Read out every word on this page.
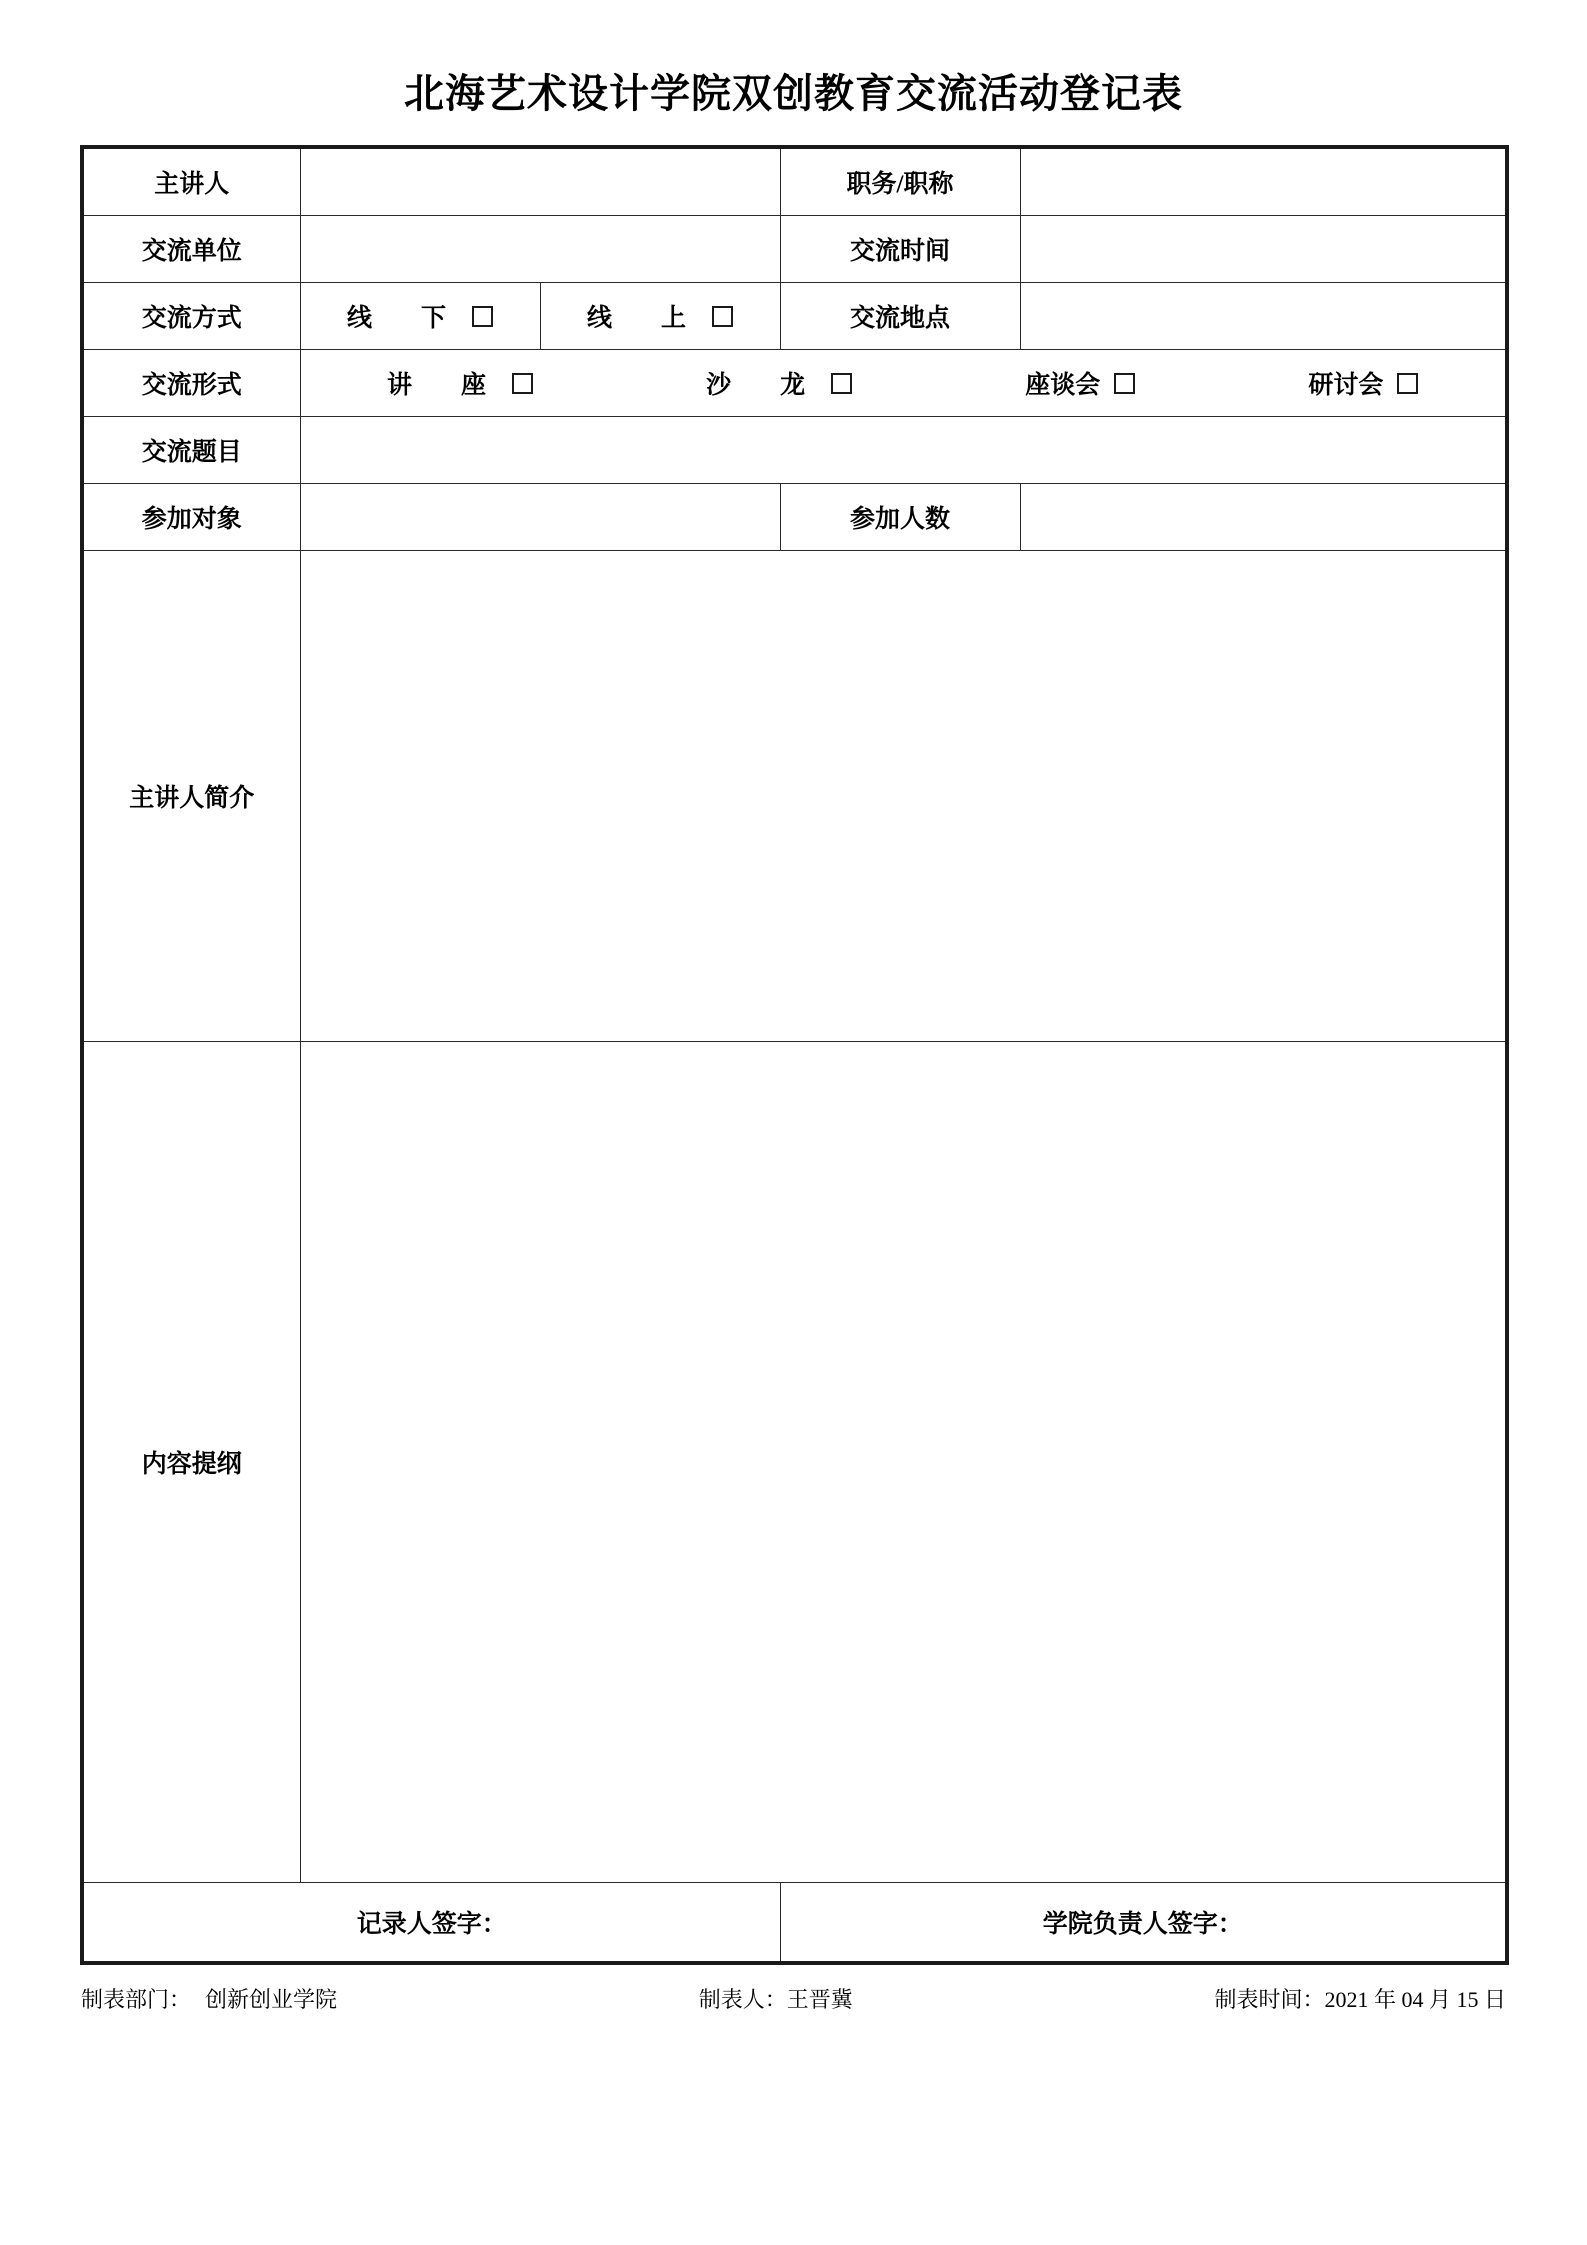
北海艺术设计学院双创教育交流活动登记表
主讲人			职务/职称	
交流单位			交流时间	
交流方式	线　下	线　上	交流地点	
交流形式	讲　座 沙　龙 座谈会 研讨会			

交流题目				
参加对象			参加人数	
主讲人简介				
内容提纲				
记录人签字：			学院负责人签字：	
制表部门： 创新创业学院	制表人：王晋冀	制表时间：2021 年 04 月 15 日
